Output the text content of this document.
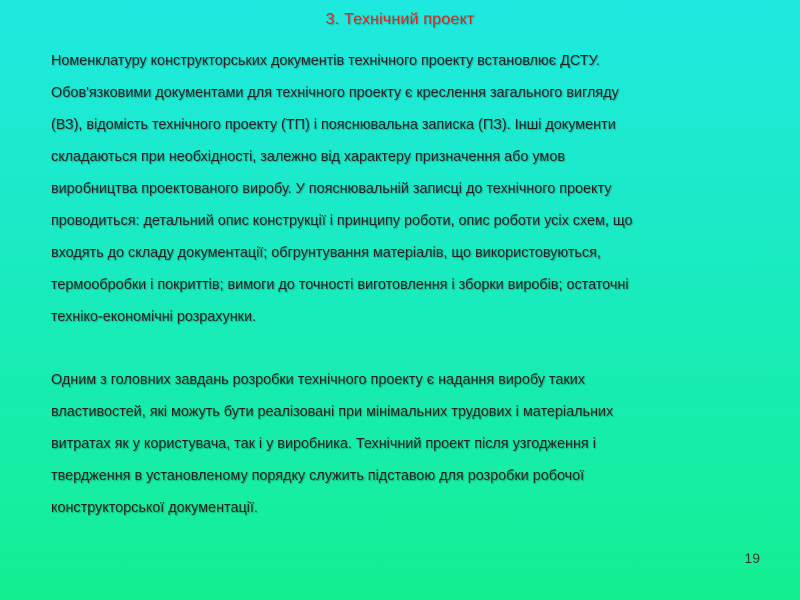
3. Технічний проект
Номенклатуру конструкторських документів технічного проекту встановлює ДСТУ.
Обов'язковими документами для технічного проекту є креслення загального вигляду
(ВЗ), відомість технічного проекту (ТП) і пояснювальна записка (ПЗ). Інші документи
складаються при необхідності, залежно від характеру призначення або умов
виробництва проектованого виробу. У пояснювальній записці до технічного проекту
проводиться: детальний опис конструкції і принципу роботи, опис роботи усіх схем, що
входять до складу документації; обгрунтування матеріалів, що використовуються,
термообробки і покриттів; вимоги до точності виготовлення і зборки виробів; остаточні
техніко-економічні розрахунки.
Одним з головних завдань розробки технічного проекту є надання виробу таких
властивостей, які можуть бути реалізовані при мінімальних трудових і матеріальних
витратах як у користувача, так і у виробника. Технічний проект після узгодження і
твердження в установленому порядку служить підставою для розробки робочої
конструкторської документації.
19
